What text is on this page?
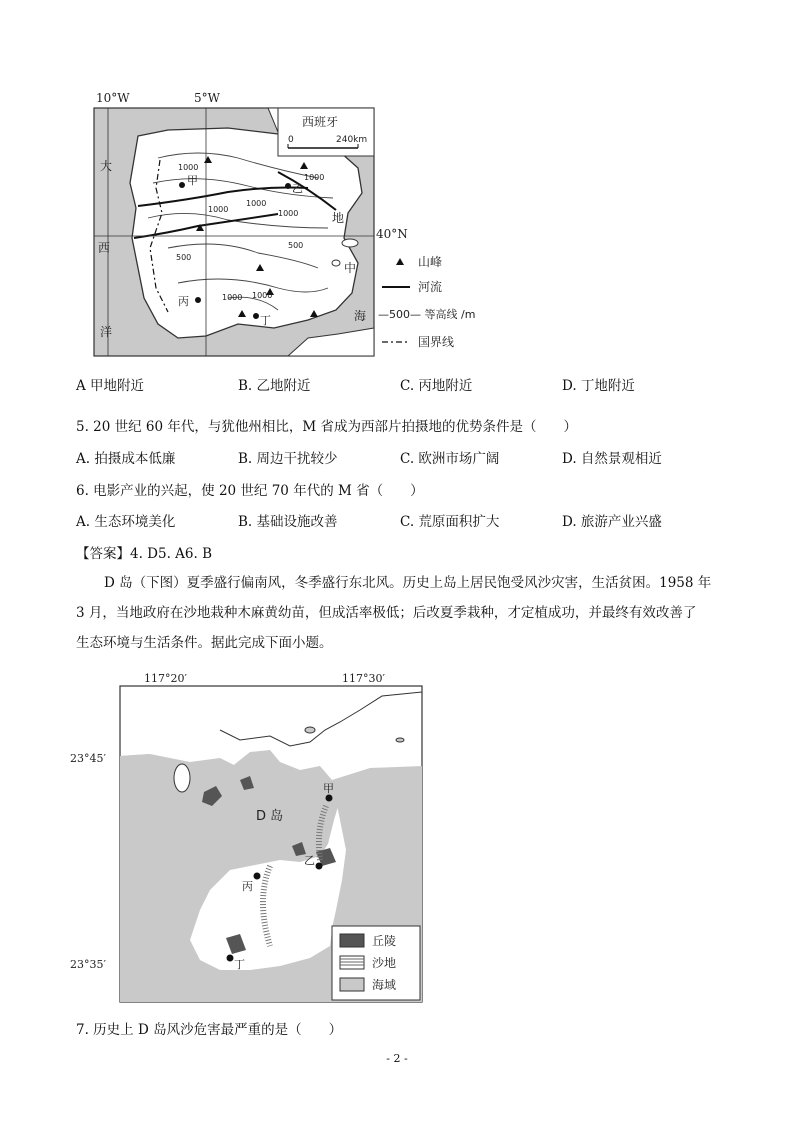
10°W	5°W
40°N
甲
乙
丙
丁
1000
1000
1000
1000
500
1000 1000
500
1000
大
西
洋
地
中
海
西班牙
0	240km
山峰
河流
—500— 等高线 /m
国界线
A 甲地附近	B. 乙地附近	C. 丙地附近	D. 丁地附近
5. 20 世纪 60 年代，与犹他州相比，M 省成为西部片拍摄地的优势条件是（　　）
A. 拍摄成本低廉	B. 周边干扰较少	C. 欧洲市场广阔	D. 自然景观相近
6. 电影产业的兴起，使 20 世纪 70 年代的 M 省（　　）
A. 生态环境美化	B. 基础设施改善	C. 荒原面积扩大	D. 旅游产业兴盛
【答案】4. D5. A6. B
D 岛（下图）夏季盛行偏南风，冬季盛行东北风。历史上岛上居民饱受风沙灾害，生活贫困。1958 年
3 月，当地政府在沙地栽种木麻黄幼苗，但成活率极低；后改夏季栽种，才定植成功，并最终有效改善了
生态环境与生活条件。据此完成下面小题。
117°20′	117°30′
23°45′
23°35′
D 岛
甲
乙
丙
丁
丘陵
沙地
海域
7. 历史上 D 岛风沙危害最严重的是（　　）
- 2 -
